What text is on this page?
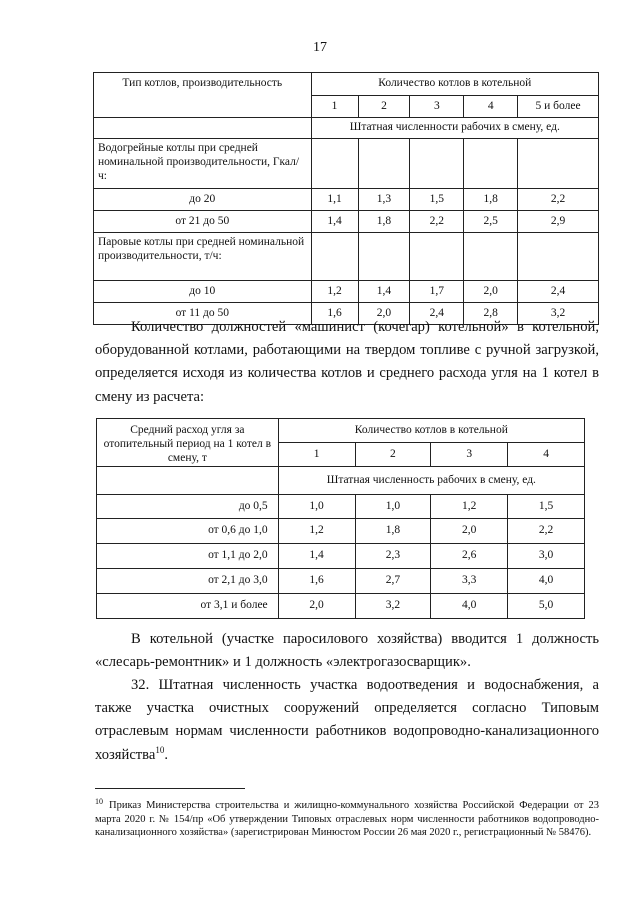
17
Тип котлов, производительность	Количество котлов в котельной				
	1	2	3	4	5 и более
	Штатная численности рабочих в смену, ед.				
Водогрейные котлы при средней номинальной производительности, Гкал/ч:					
до 20	1,1	1,3	1,5	1,8	2,2
от 21 до 50	1,4	1,8	2,2	2,5	2,9
Паровые котлы при средней номинальной производительности, т/ч:					
до 10	1,2	1,4	1,7	2,0	2,4
от 11 до 50	1,6	2,0	2,4	2,8	3,2

Количество должностей «машинист (кочегар) котельной» в котельной, оборудованной котлами, работающими на твердом топливе с ручной загрузкой, определяется исходя из количества котлов и среднего расхода угля на 1 котел в смену из расчета:

Средний расход угля за отопительный период на 1 котел в смену, т	Количество котлов в котельной			
	1	2	3	4
	Штатная численность рабочих в смену, ед.			
до 0,5	1,0	1,0	1,2	1,5
от 0,6 до 1,0	1,2	1,8	2,0	2,2
от 1,1 до 2,0	1,4	2,3	2,6	3,0
от 2,1 до 3,0	1,6	2,7	3,3	4,0
от 3,1 и более	2,0	3,2	4,0	5,0

В котельной (участке паросилового хозяйства) вводится 1 должность «слесарь-ремонтник» и 1 должность «электрогазосварщик».

32. Штатная численность участка водоотведения и водоснабжения, а также участка очистных сооружений определяется согласно Типовым отраслевым нормам численности работников водопроводно-канализационного хозяйства$^{10}$.

$^{10}$ Приказ Министерства строительства и жилищно-коммунального хозяйства Российской Федерации от 23 марта 2020 г. № 154/пр «Об утверждении Типовых отраслевых норм численности работников водопроводно-канализационного хозяйства» (зарегистрирован Минюстом России 26 мая 2020 г., регистрационный № 58476).
